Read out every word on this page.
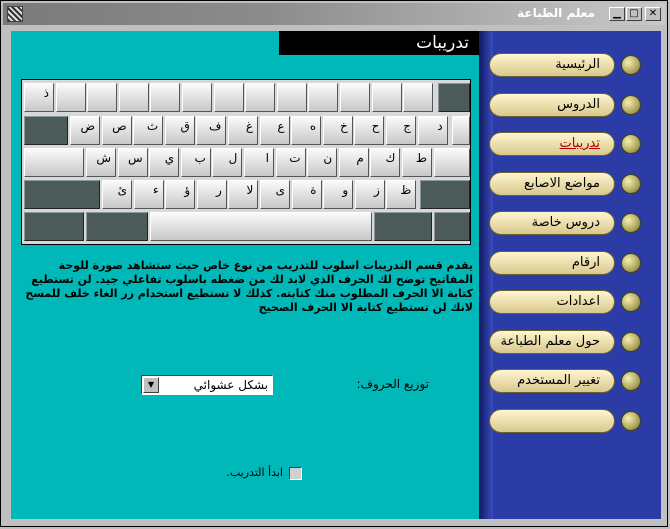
معلم الطباعة	▁ □	✕
تدريبات
ذ
ض	ص	ث	ق	ف	غ	ع	ه	خ	ح	ج	د
ش	س	ي	ب	ل	ا	ت	ن	م	ك	ط
ئ	ء	ؤ	ر	لا	ى	ة	و	ز	ظ
يقدم قسم التدريبات اسلوب للتدريب من نوع خاص حيث ستشاهد صورة للوحة المفاتيح توضح لك الحرف الذي لابد لك من ضغطه باسلوب تفاعلي جيد. لن تستطيع كتابة الا الحرف المطلوب منك كتابته. كذلك لا تستطيع استخدام زر الغاء خلف للمسح لانك لن تستطيع كتابة الا الحرف الصحيح
توزيع الحروف:
بشكل عشوائي
▼
ابدأ التدريب.
الرئيسية
الدروس
تدريبات
مواضع الاصابع
دروس خاصة
ارقام
اعدادات
حول معلم الطباعة
تغيير المستخدم
